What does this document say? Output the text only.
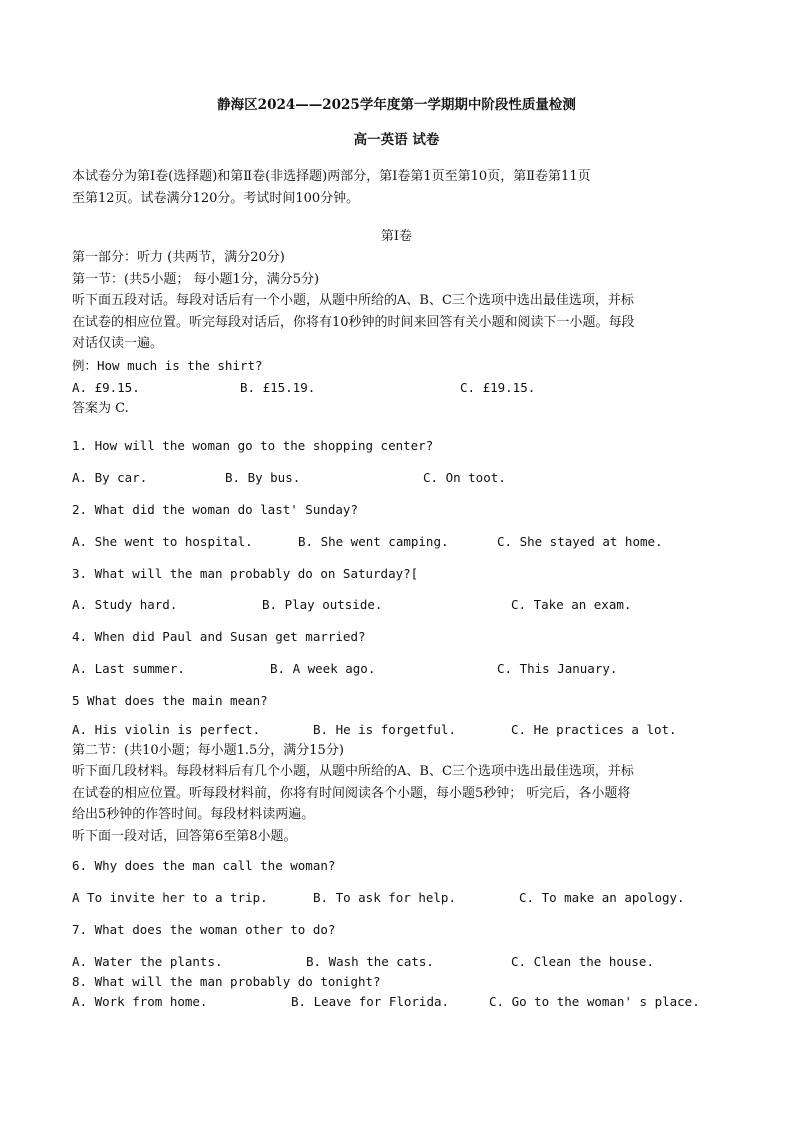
静海区2024——2025学年度第一学期期中阶段性质量检测
高一英语 试卷
本试卷分为第Ⅰ卷(选择题)和第Ⅱ卷(非选择题)两部分，第Ⅰ卷第1页至第10页，第Ⅱ卷第11页
至第12页。试卷满分120分。考试时间100分钟。
第Ⅰ卷
第一部分：听力 (共两节，满分20分)
第一节：(共5小题； 每小题1分，满分5分)
听下面五段对话。每段对话后有一个小题，从题中所给的A、B、C三个选项中选出最佳选项，并标
在试卷的相应位置。听完每段对话后，你将有10秒钟的时间来回答有关小题和阅读下一小题。每段
对话仅读一遍。
例：How much is the shirt?
A. £9.15.	B. £15.19.	C. £19.15.
答案为 C.
1. How will the woman go to the shopping center?
A. By car.	B. By bus.	C. On toot.
2. What did the woman do last' Sunday?
A. She went to hospital.	B. She went camping.	C. She stayed at home.
3. What will the man probably do on Saturday?[
A. Study hard.	B. Play outside.	C. Take an exam.
4. When did Paul and Susan get married?
A. Last summer.	B. A week ago.	C. This January.
5 What does the main mean?
A. His violin is perfect.	B. He is forgetful.	C. He practices a lot.
第二节：(共10小题；每小题1.5分，满分15分)
听下面几段材料。每段材料后有几个小题，从题中所给的A、B、C三个选项中选出最佳选项，并标
在试卷的相应位置。听每段材料前，你将有时间阅读各个小题，每小题5秒钟； 听完后，各小题将
给出5秒钟的作答时间。每段材料读两遍。
听下面一段对话，回答第6至第8小题。
6. Why does the man call the woman?
A To invite her to a trip.	B. To ask for help.	C. To make an apology.
7. What does the woman other to do?
A. Water the plants.	B. Wash the cats.	C. Clean the house.
8. What will the man probably do tonight?
A. Work from home.	B. Leave for Florida.	C. Go to the woman' s place.
